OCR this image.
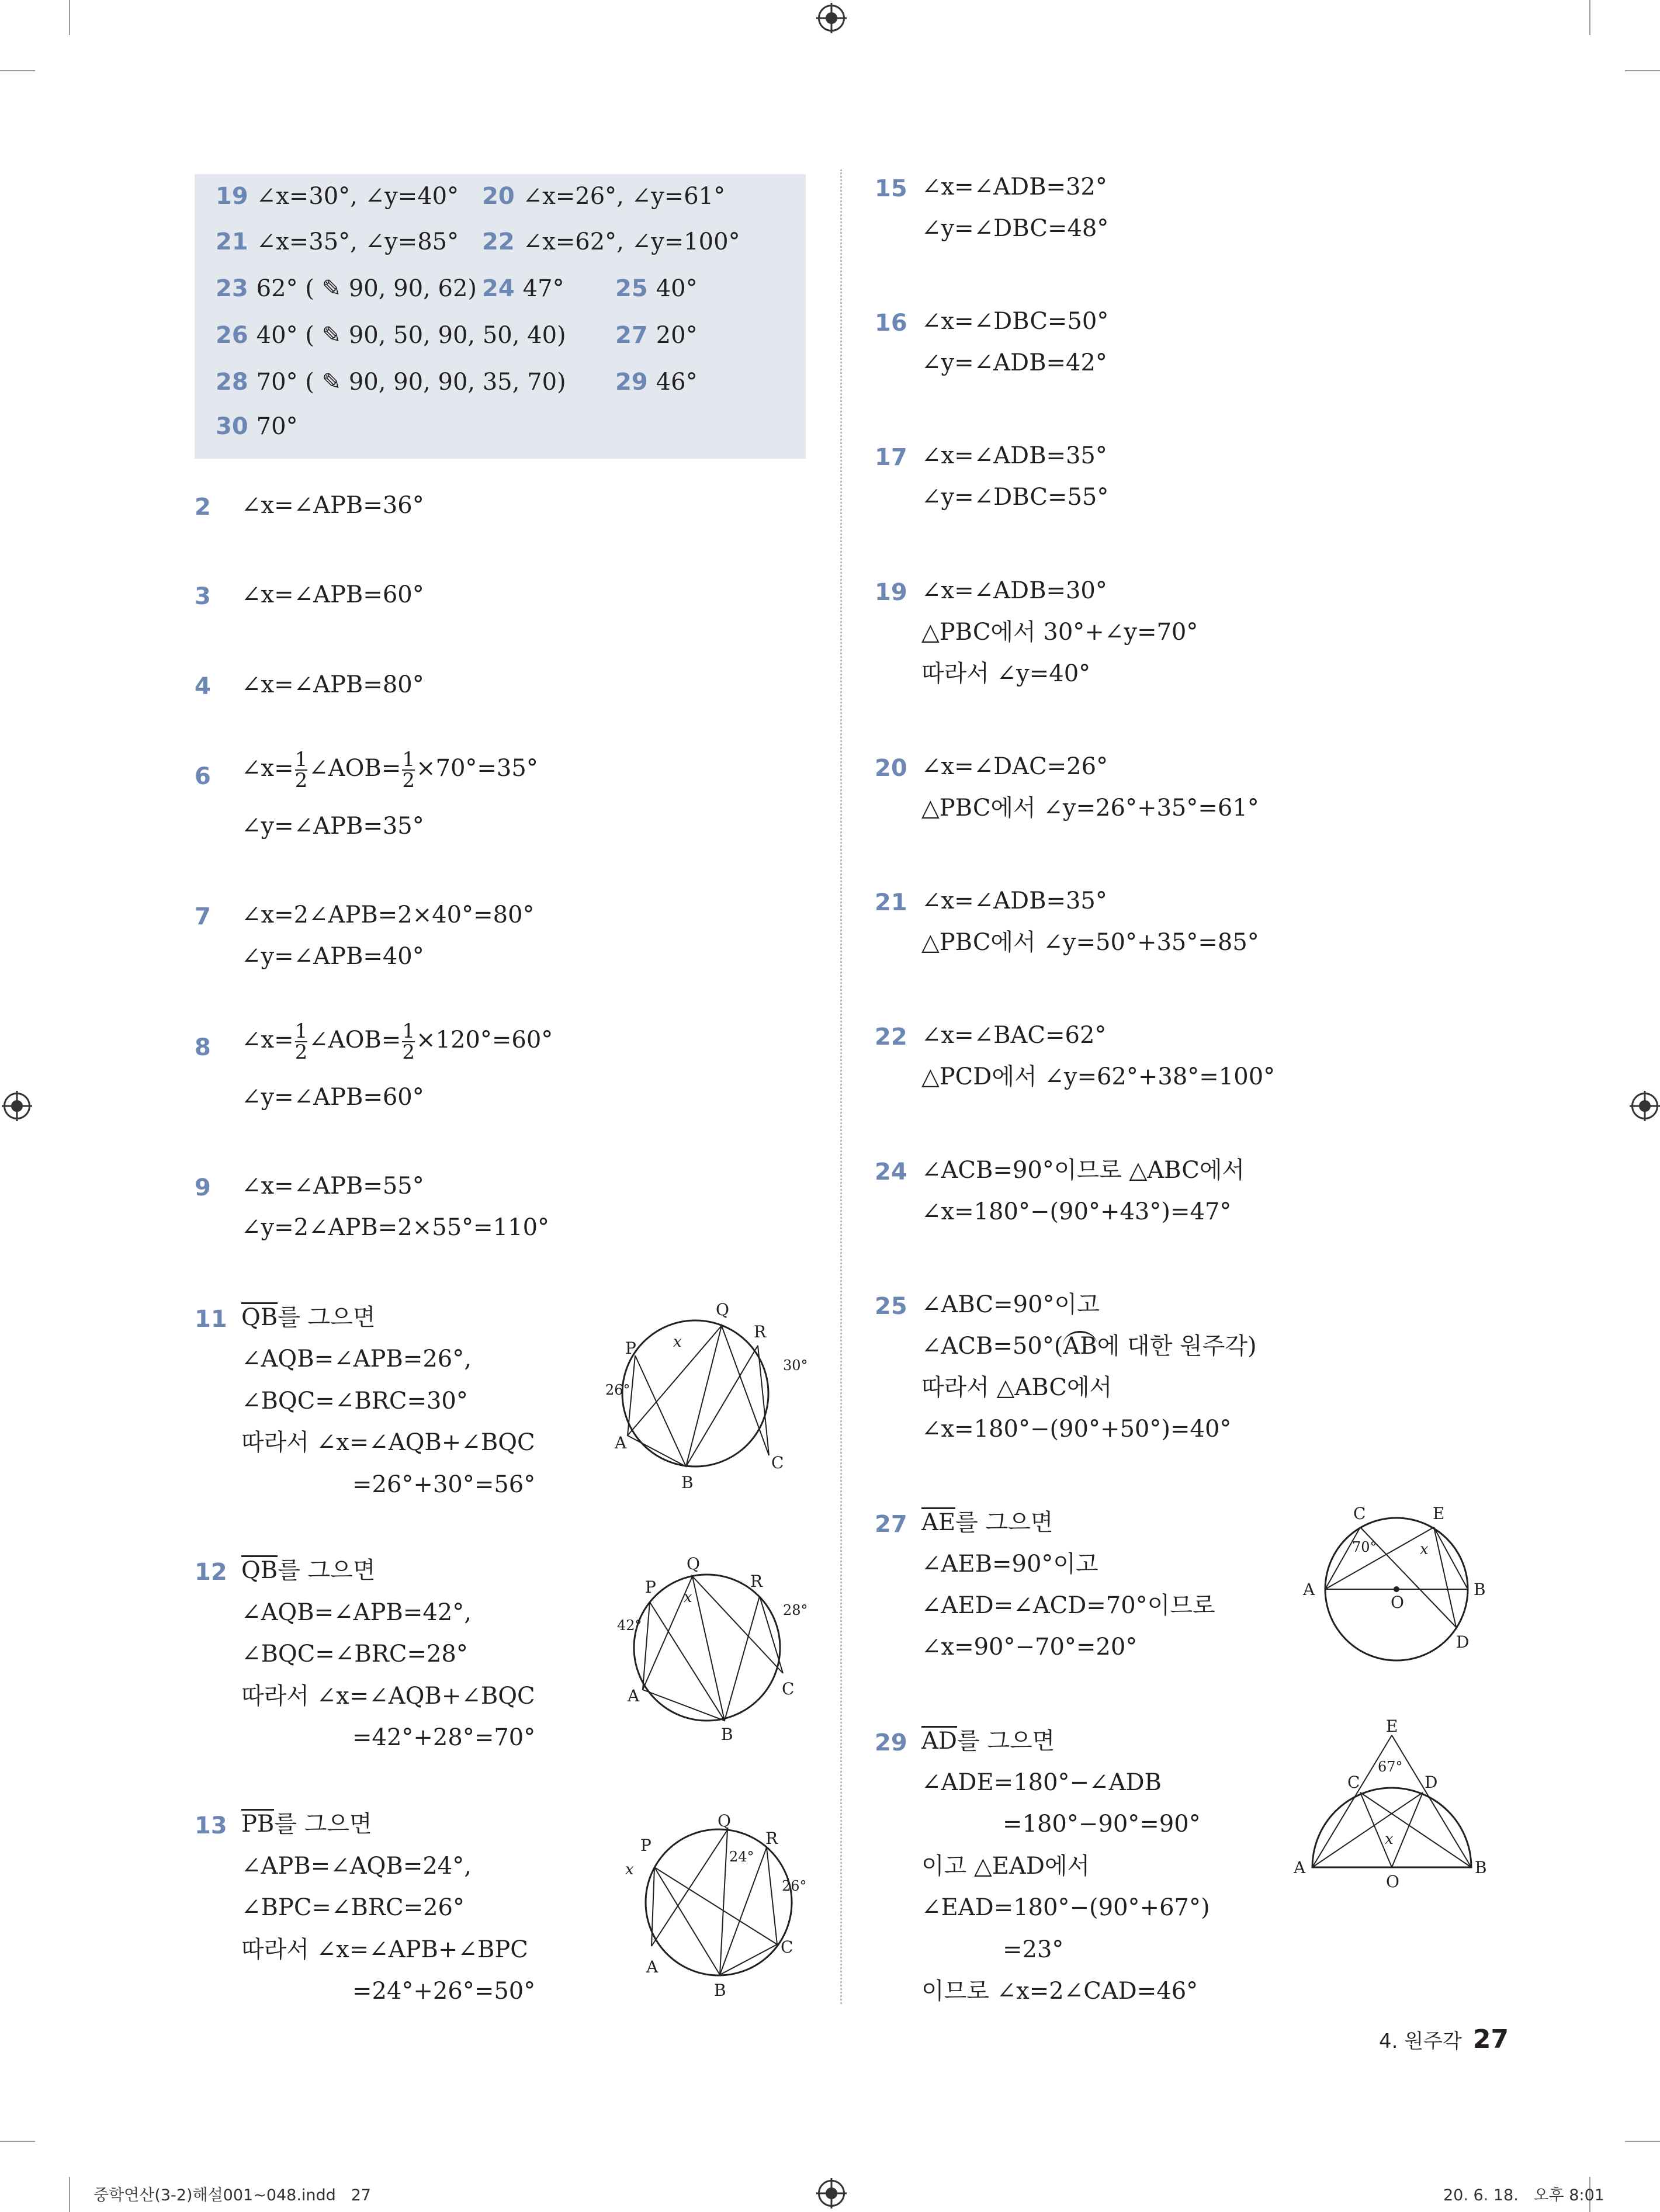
19 ∠x=30°, ∠y=40° 20 ∠x=26°, ∠y=61°
21 ∠x=35°, ∠y=85° 22 ∠x=62°, ∠y=100°
23 62° ( ✎ 90, 90, 62) 24 47° 25 40°
26 40° ( ✎ 90, 50, 90, 50, 40) 27 20°
28 70° ( ✎ 90, 90, 90, 35, 70) 29 46°
30 70°
2 ∠x=∠APB=36°
3 ∠x=∠APB=60°
4 ∠x=∠APB=80°
6 ∠x= $\frac{1}{2}$ ∠AOB= $\frac{1}{2} \times 70^\circ=35^\circ$
∠y=∠APB=35°
7 ∠x=2∠APB=2×40°=80°
∠y=∠APB=40°
8 ∠x= $\frac{1}{2}$ ∠AOB= $\frac{1}{2} \times 120^\circ=60^\circ$
∠y=∠APB=60°
9 ∠x=∠APB=55°
∠y=2∠APB=2×55°=110°
11 QB를 그으면
∠AQB=∠APB=26°,
∠BQC=∠BRC=30°
따라서 ∠x=∠AQB+∠BQC
=26°+30°=56°
12 QB를 그으면
∠AQB=∠APB=42°,
∠BQC=∠BRC=28°
따라서 ∠x=∠AQB+∠BQC
=42°+28°=70°
13 PB를 그으면
∠APB=∠AQB=24°,
∠BPC=∠BRC=26°
따라서 ∠x=∠APB+∠BPC
=24°+26°=50°
Q
R
P
A
B
C
x
26°
30°
Q
R
P
A
B
C
x
42°
28°
Q
R
P
A
B
C
x
24°
26°
15 ∠x=∠ADB=32°
∠y=∠DBC=48°
16 ∠x=∠DBC=50°
∠y=∠ADB=42°
17 ∠x=∠ADB=35°
∠y=∠DBC=55°
19 ∠x=∠ADB=30°
△PBC에서 30°+∠y=70°
따라서 ∠y=40°
20 ∠x=∠DAC=26°
△PBC에서 ∠y=26°+35°=61°
21 ∠x=∠ADB=35°
△PBC에서 ∠y=50°+35°=85°
22 ∠x=∠BAC=62°
△PCD에서 ∠y=62°+38°=100°
24 ∠ACB=90°이므로 △ABC에서
∠x=180°−(90°+43°)=47°
25 ∠ABC=90°이고
∠ACB=50°(AB에 대한 원주각)
따라서 △ABC에서
∠x=180°−(90°+50°)=40°
27 AE를 그으면
∠AEB=90°이고
∠AED=∠ACD=70°이므로
∠x=90°−70°=20°
29 AD를 그으면
∠ADE=180°−∠ADB
=180°−90°=90°
이고 △EAD에서
∠EAD=180°−(90°+67°)
=23°
이므로 ∠x=2∠CAD=46°
C	E
A
O
B
D
x
70°
E
C	D
A
O
B
x
67°
4. 원주각 27
중학연산(3-2)해설001~048.indd   27	20. 6. 18.   오후 8:01
